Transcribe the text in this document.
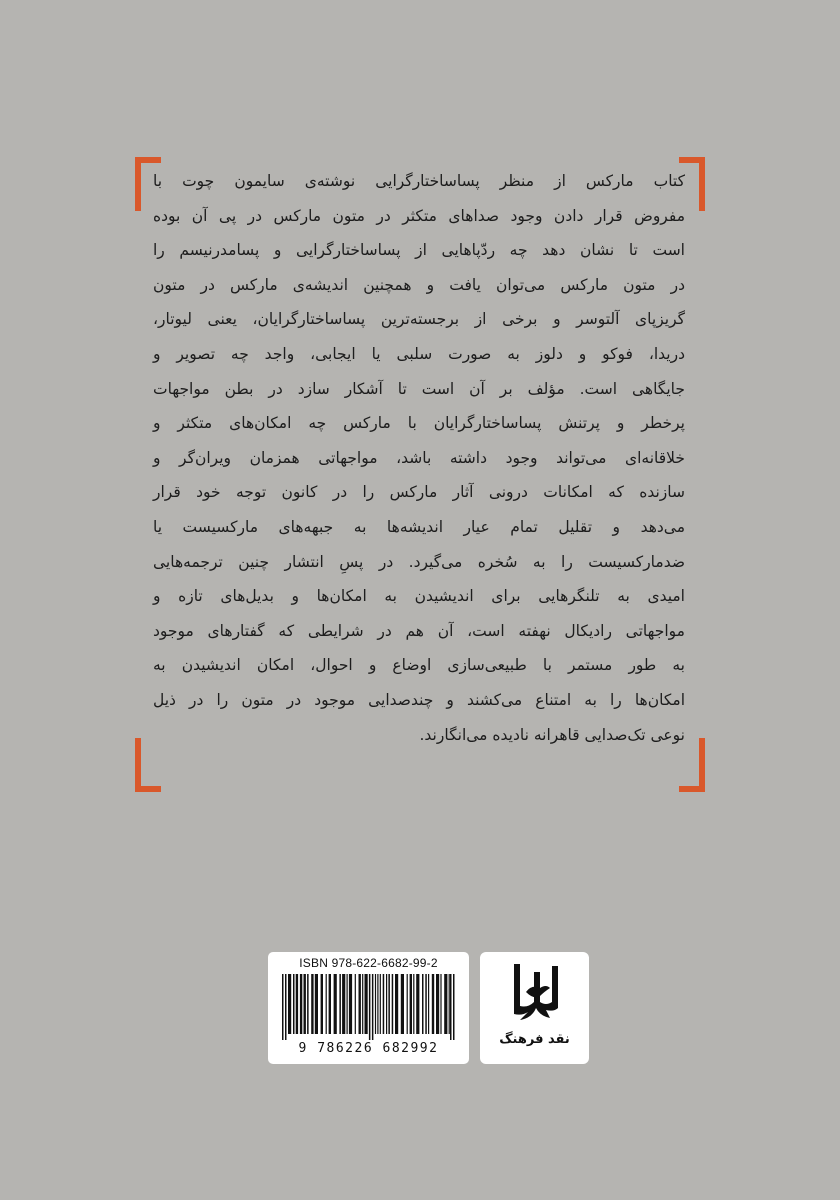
کتاب مارکس از منظر پساساختارگرایی نوشته‌ی سایمون چوت با
مفروض قرار دادن وجود صداهای متکثر در متون مارکس در پی آن بوده
است تا نشان دهد چه ردّپاهایی از پساساختارگرایی و پسامدرنیسم را
در متون مارکس می‌توان یافت و همچنین اندیشه‌ی مارکس در متون
گریزپای آلتوسر و برخی از برجسته‌ترین پساساختارگرایان، یعنی لیوتار،
دریدا، فوکو و دلوز به صورت سلبی یا ایجابی، واجد چه تصویر و
جایگاهی است. مؤلف بر آن است تا آشکار سازد در بطن مواجهات
پرخطر و پرتنش پساساختارگرایان با مارکس چه امکان‌های متکثر و
خلاقانه‌ای می‌تواند وجود داشته باشد، مواجهاتی همزمان ویران‌گر و
سازنده که امکانات درونی آثار مارکس را در کانون توجه خود قرار
می‌دهد و تقلیل تمام عیار اندیشه‌ها به جبهه‌های مارکسیست یا
ضدمارکسیست را به سُخره می‌گیرد. در پسِ انتشار چنین ترجمه‌هایی
امیدی به تلنگرهایی برای اندیشیدن به امکان‌ها و بدیل‌های تازه و
مواجهاتی رادیکال نهفته است، آن هم در شرایطی که گفتارهای موجود
به طور مستمر با طبیعی‌سازی اوضاع و احوال، امکان اندیشیدن به
امکان‌ها را به امتناع می‌کشند و چندصدایی موجود در متون را در ذیل
نوعی تک‌صدایی قاهرانه نادیده می‌انگارند.
ISBN 978-622-6682-99-2
9 786226 682992
نقد فرهنگ
